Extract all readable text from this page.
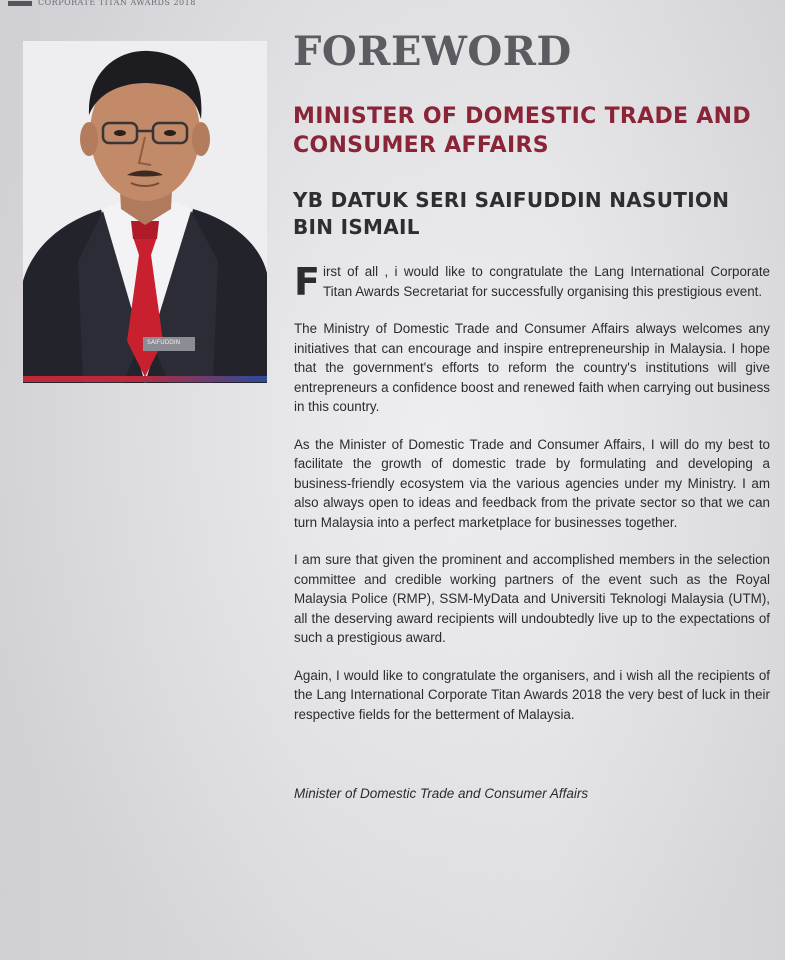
CORPORATE TITAN AWARDS 2018
SAIFUDDIN
FOREWORD
MINISTER OF DOMESTIC TRADE AND CONSUMER AFFAIRS
YB DATUK SERI SAIFUDDIN NASUTION BIN ISMAIL

First of all , i would like to congratulate the Lang International Corporate Titan Awards Secretariat for successfully organising this prestigious event.

The Ministry of Domestic Trade and Consumer Affairs always welcomes any initiatives that can encourage and inspire entrepreneurship in Malaysia. I hope that the government's efforts to reform the country's institutions will give entrepreneurs a confidence boost and renewed faith when carrying out business in this country.

As the Minister of Domestic Trade and Consumer Affairs, I will do my best to facilitate the growth of domestic trade by formulating and developing a business-friendly ecosystem via the various agencies under my Ministry. I am also always open to ideas and feedback from the private sector so that we can turn Malaysia into a perfect marketplace for businesses together.

I am sure that given the prominent and accomplished members in the selection committee and credible working partners of the event such as the Royal Malaysia Police (RMP), SSM-MyData and Universiti Teknologi Malaysia (UTM), all the deserving award recipients will undoubtedly live up to the expectations of such a prestigious award.

Again, I would like to congratulate the organisers, and i wish all the recipients of the Lang International Corporate Titan Awards 2018 the very best of luck in their respective fields for the betterment of Malaysia.

Minister of Domestic Trade and Consumer Affairs
